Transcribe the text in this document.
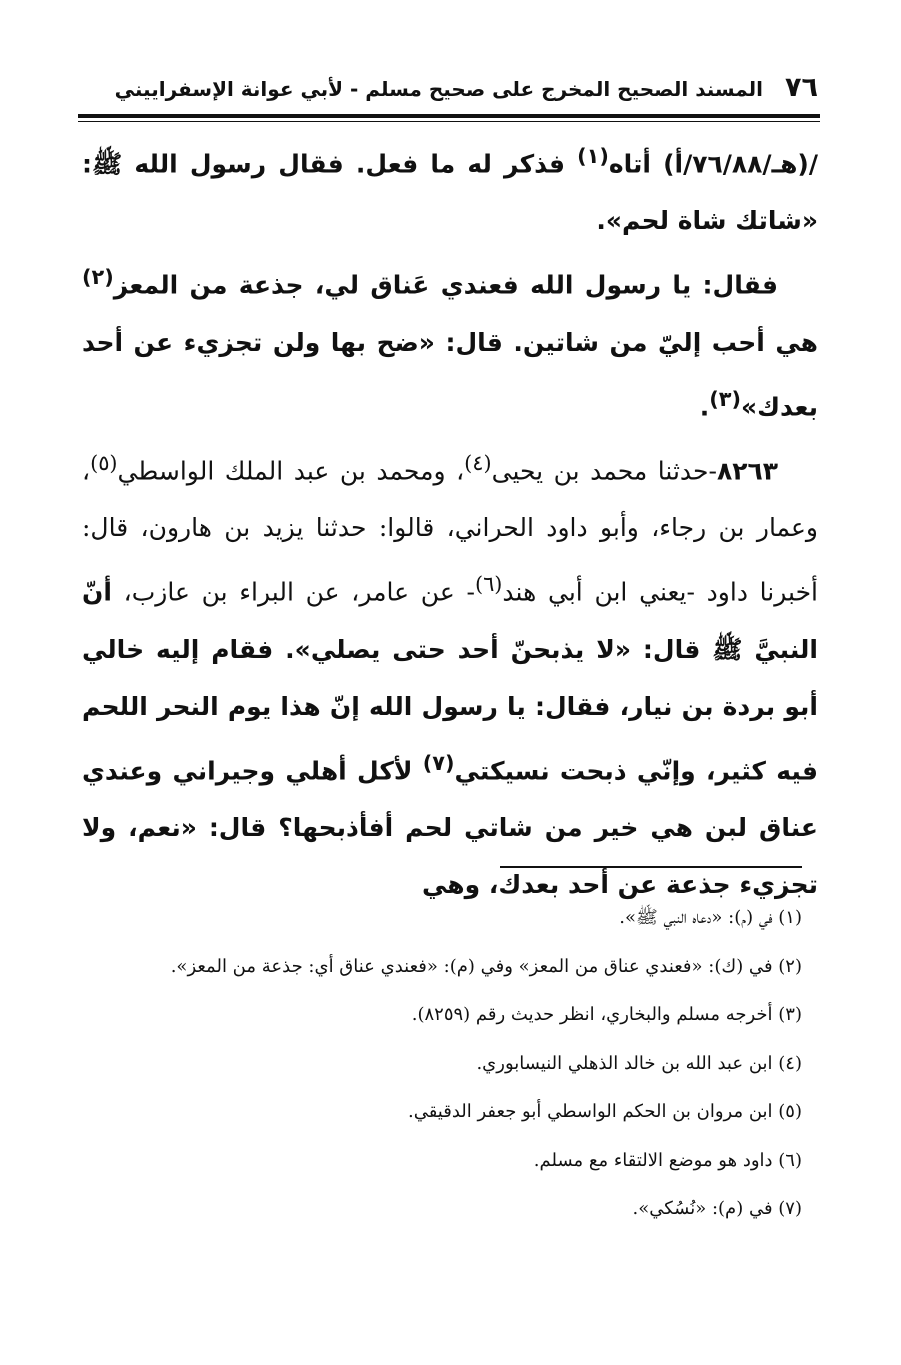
٧٦
المسند الصحيح المخرج على صحيح مسلم - لأبي عوانة الإسفراييني

/(هـ/٧٦/٨٨/أ) أتاه$^{(١)}$ فذكر له ما فعل. فقال رسول الله ﷺ: «شاتك شاة لحم».

فقال: يا رسول الله فعندي عَناق لي، جذعة من المعز$^{(٢)}$ هي أحب إليّ من شاتين. قال: «ضح بها ولن تجزيء عن أحد بعدك»$^{(٣)}$.

٨٢٦٣-حدثنا محمد بن يحيى$^{(٤)}$، ومحمد بن عبد الملك الواسطي$^{(٥)}$، وعمار بن رجاء، وأبو داود الحراني، قالوا: حدثنا يزيد بن هارون، قال: أخبرنا داود -يعني ابن أبي هند$^{(٦)}$- عن عامر، عن البراء بن عازب، أنّ النبيَّ ﷺ قال: «لا يذبحنّ أحد حتى يصلي». فقام إليه خالي أبو بردة بن نيار، فقال: يا رسول الله إنّ هذا يوم النحر اللحم فيه كثير، وإنّي ذبحت نسيكتي$^{(٧)}$ لأكل أهلي وجيراني وعندي عناق لبن هي خير من شاتي لحم أفأذبحها؟ قال: «نعم، ولا تجزيء جذعة عن أحد بعدك، وهي

(١) في (م): «دعاه النبي ﷺ».
(٢) في (ك): «فعندي عناق من المعز» وفي (م): «فعندي عناق أي: جذعة من المعز».
(٣) أخرجه مسلم والبخاري، انظر حديث رقم (٨٢٥٩).
(٤) ابن عبد الله بن خالد الذهلي النيسابوري.
(٥) ابن مروان بن الحكم الواسطي أبو جعفر الدقيقي.
(٦) داود هو موضع الالتقاء مع مسلم.
(٧) في (م): «نُسُكي».
